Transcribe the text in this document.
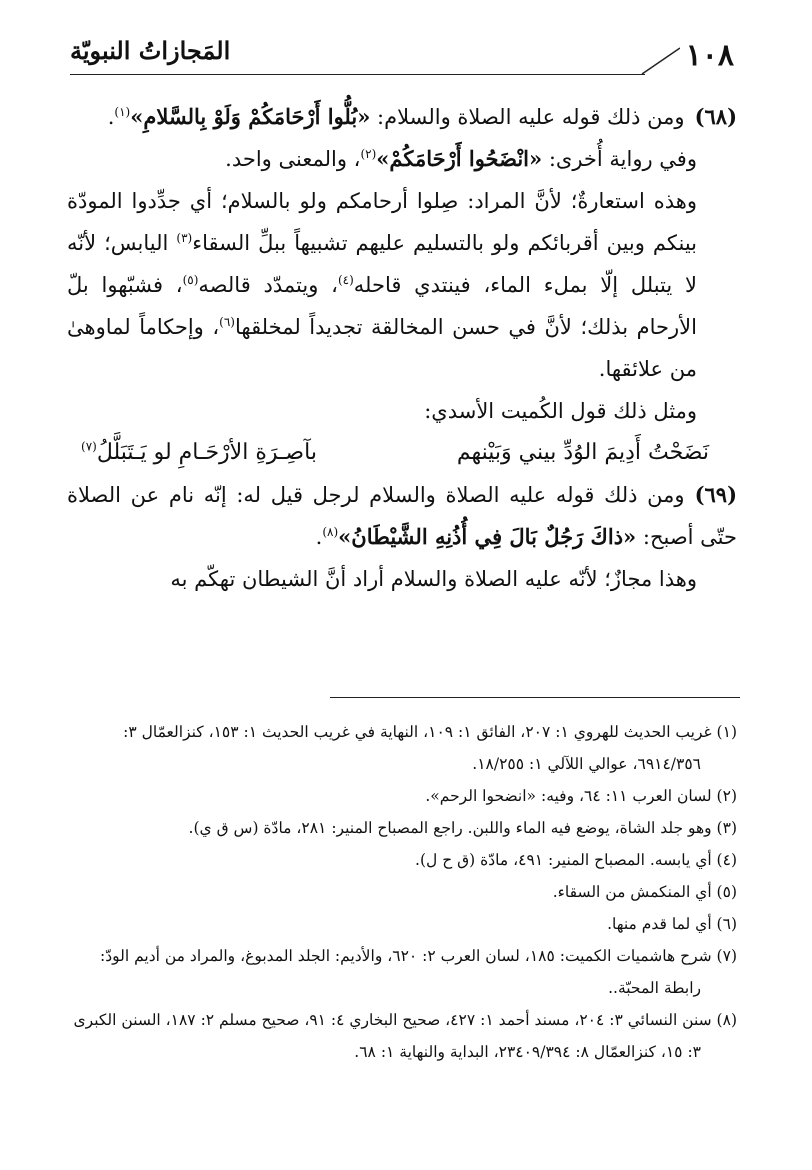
١٠٨
المَجازاتُ النبويّة

(٦٨)ومن ذلك قوله عليه الصلاة والسلام: «بُلُّوا أَرْحَامَكُمْ وَلَوْ بِالسَّلامِ»$^{(١)}$.

وفي رواية أُخرى: «انْضَحُوا أَرْحَامَكُمْ»$^{(٢)}$، والمعنى واحد.

وهذه استعارةٌ؛ لأنَّ المراد: صِلوا أرحامكم ولو بالسلام؛ أي جدِّدوا المودّة بينكم وبين أقربائكم ولو بالتسليم عليهم تشبيهاً ببلِّ السقاء$^{(٣)}$ اليابس؛ لأنّه لا يتبلل إلّا بملء الماء، فينتدي قاحله$^{(٤)}$، ويتمدّد قالصه$^{(٥)}$، فشبّهوا بلّ الأرحام بذلك؛ لأنَّ في حسن المخالقة تجديداً لمخلقها$^{(٦)}$، وإحكاماً لماوهىٰ من علائقها.

ومثل ذلك قول الكُميت الأسدي:

نَضَحْتُ أَدِيمَ الوُدِّ بيني وَبَيْنهم
بآصِـرَةِ الأرْحَـامِ لو يَـتَبَلَّلُ$^{(٧)}$

(٦٩)ومن ذلك قوله عليه الصلاة والسلام لرجل قيل له: إنّه نام عن الصلاة حتّى أصبح: «ذاكَ رَجُلٌ بَالَ فِي أُذُنِهِ الشَّيْطَانُ»$^{(٨)}$.

وهذا مجازٌ؛ لأنّه عليه الصلاة والسلام أراد أنَّ الشيطان تهكّم به

(١) غريب الحديث للهروي ١: ٢٠٧، الفائق ١: ١٠٩، النهاية في غريب الحديث ١: ١٥٣، كنزالعمّال ٣: ٦٩١٤/٣٥٦، عوالي اللآلي ١: ١٨/٢٥٥.

(٢) لسان العرب ١١: ٦٤، وفيه: «انضحوا الرحم».

(٣) وهو جلد الشاة، يوضع فيه الماء واللبن. راجع المصباح المنير: ٢٨١، مادّة (س ق ي).

(٤) أي يابسه. المصباح المنير: ٤٩١، مادّة (ق ح ل).

(٥) أي المنكمش من السقاء.

(٦) أي لما قدم منها.

(٧) شرح هاشميات الكميت: ١٨٥، لسان العرب ٢: ٦٢٠، والأديم: الجلد المدبوغ، والمراد من أديم الودّ: رابطة المحبّة..

(٨) سنن النسائي ٣: ٢٠٤، مسند أحمد ١: ٤٢٧، صحيح البخاري ٤: ٩١، صحيح مسلم ٢: ١٨٧، السنن الكبرى ٣: ١٥، كنزالعمّال ٨: ٢٣٤٠٩/٣٩٤، البداية والنهاية ١: ٦٨.
